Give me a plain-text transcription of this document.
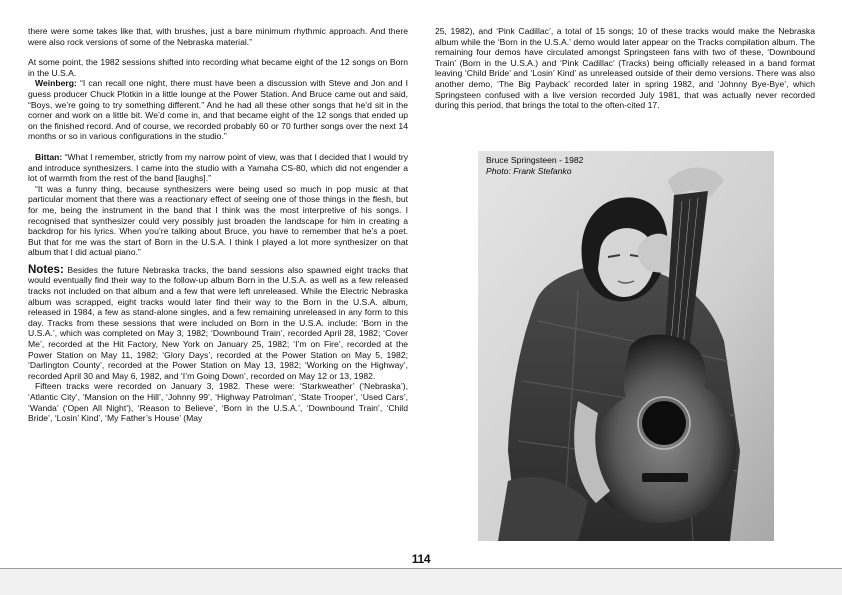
there were some takes like that, with brushes, just a bare minimum rhythmic approach. And there were also rock versions of some of the Nebraska material.”

At some point, the 1982 sessions shifted into recording what became eight of the 12 songs on Born in the U.S.A.

Weinberg: “I can recall one night, there must have been a discussion with Steve and Jon and I guess producer Chuck Plotkin in a little lounge at the Power Station. And Bruce came out and said, “Boys, we’re going to try something different.” And he had all these other songs that he’d sit in the corner and work on a little bit. We’d come in, and that became eight of the 12 songs that ended up on the finished record. And of course, we recorded probably 60 or 70 further songs over the next 14 months or so in various configurations in the studio.”

Bittan: “What I remember, strictly from my narrow point of view, was that I decided that I would try and introduce synthesizers. I came into the studio with a Yamaha CS-80, which did not engender a lot of warmth from the rest of the band [laughs].”

“It was a funny thing, because synthesizers were being used so much in pop music at that particular moment that there was a reactionary effect of seeing one of those things in the flesh, but for me, being the instrument in the band that I think was the most interpretive of his songs. I recognised that synthesizer could very possibly just broaden the landscape for him in creating a backdrop for his lyrics. When you’re talking about Bruce, you have to remember that he’s a poet. But that for me was the start of Born in the U.S.A. I think I played a lot more synthesizer on that album that I did actual piano.”

Notes: Besides the future Nebraska tracks, the band sessions also spawned eight tracks that would eventually find their way to the follow-up album Born in the U.S.A. as well as a few released tracks not included on that album and a few that were left unreleased. While the Electric Nebraska album was scrapped, eight tracks would later find their way to the Born in the U.S.A. album, released in 1984, a few as stand-alone singles, and a few remaining unreleased in any form to this day. Tracks from these sessions that were included on Born in the U.S.A. include: ‘Born in the U.S.A.’, which was completed on May 3, 1982; ‘Downbound Train’, recorded April 28, 1982; ‘Cover Me’, recorded at the Hit Factory, New York on January 25, 1982; ‘I’m on Fire’, recorded at the Power Station on May 11, 1982; ‘Glory Days’, recorded at the Power Station on May 5, 1982; ‘Darlington County’, recorded at the Power Station on May 13, 1982; ‘Working on the Highway’, recorded April 30 and May 6, 1982, and ‘I’m Going Down’, recorded on May 12 or 13, 1982.

Fifteen tracks were recorded on January 3, 1982. These were: ‘Starkweather’ (‘Nebraska’), ‘Atlantic City’, ‘Mansion on the Hill’, ‘Johnny 99’, ‘Highway Patrolman’, ‘State Trooper’, ‘Used Cars’, ‘Wanda’ (‘Open All Night’), ‘Reason to Believe’, ‘Born in the U.S.A.’, ‘Downbound Train’, ‘Child Bride’, ‘Losin’ Kind’, ‘My Father’s House’ (May

25, 1982), and ‘Pink Cadillac’, a total of 15 songs; 10 of these tracks would make the Nebraska album while the ‘Born in the U.S.A.’ demo would later appear on the Tracks compilation album. The remaining four demos have circulated amongst Springsteen fans with two of these, ‘Downbound Train’ (Born in the U.S.A.) and ‘Pink Cadillac’ (Tracks) being officially released in a band format leaving ‘Child Bride’ and ‘Losin’ Kind’ as unreleased outside of their demo versions. There was also another demo, ‘The Big Payback’ recorded later in spring 1982, and ‘Johnny Bye-Bye’, which Springsteen confused with a live version recorded July 1981, that was actually never recorded during this period, that brings the total to the often-cited 17.

Bruce Springsteen - 1982
Photo: Frank Stefanko
114
